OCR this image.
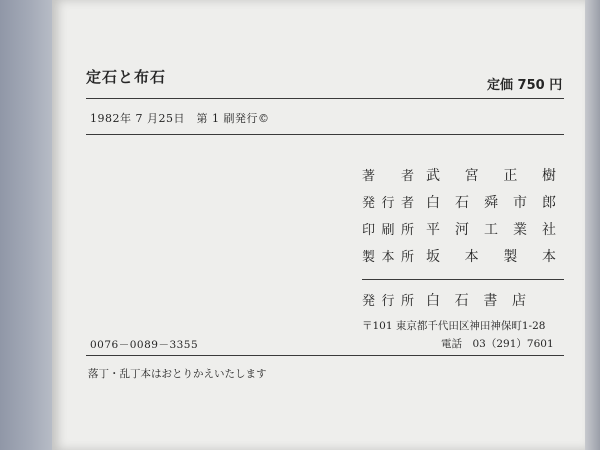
定石と布石	定価 750 円
1982年 7 月25日　第 1 刷発行©
著者 武宮正樹
発行者 白石舜市郎
印刷所 平河工業社
製本所 坂本製本
発行所 白石書店
〒101 東京都千代田区神田神保町1-28
電話　03（291）7601
0076－0089－3355
落丁・乱丁本はおとりかえいたします
